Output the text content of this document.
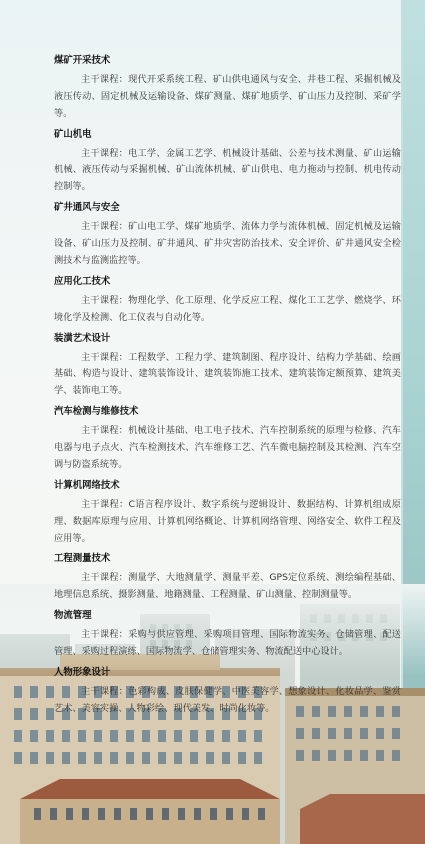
煤矿开采技术
主干课程：现代开采系统工程、矿山供电通风与安全、井巷工程、采掘机械及液压传动、固定机械及运输设备、煤矿测量、煤矿地质学、矿山压力及控制、采矿学等。
矿山机电
主干课程：电工学、金属工艺学、机械设计基础、公差与技术测量、矿山运输机械、液压传动与采掘机械、矿山流体机械、矿山供电、电力拖动与控制、机电传动控制等。
矿井通风与安全
主干课程：矿山电工学、煤矿地质学、流体力学与流体机械、固定机械及运输设备、矿山压力及控制、矿井通风、矿井灾害防治技术、安全评价、矿井通风安全检测技术与监测监控等。
应用化工技术
主干课程：物理化学、化工原理、化学反应工程、煤化工工艺学、燃烧学、环境化学及检测、化工仪表与自动化等。
装潢艺术设计
主干课程：工程数学、工程力学、建筑制图、程序设计、结构力学基础、绘画基础、构造与设计、建筑装饰设计、建筑装饰施工技术、建筑装饰定额预算、建筑美学、装饰电工等。
汽车检测与维修技术
主干课程：机械设计基础、电工电子技术、汽车控制系统的原理与检修、汽车电器与电子点火、汽车检测技术、汽车维修工艺、汽车微电脑控制及其检测、汽车空调与防盗系统等。
计算机网络技术
主干课程：C语言程序设计、数字系统与逻辑设计、数据结构、计算机组成原理、数据库原理与应用、计算机网络概论、计算机网络管理、网络安全、软件工程及应用等。
工程测量技术
主干课程：测量学、大地测量学、测量平差、GPS定位系统、测绘编程基础、地理信息系统、摄影测量、地籍测量、工程测量、矿山测量、控制测量等。
物流管理
主干课程：采购与供应管理、采购项目管理、国际物流实务、仓储管理、配送管理、采购过程演练、国际物流学、仓储管理实务、物流配送中心设计。
人物形象设计
主干课程：色彩构成、皮肤保健学、中医美容学、想象设计、化妆品学、鉴赏艺术、美容实操、人物彩绘、现代美发、时尚化妆等。
